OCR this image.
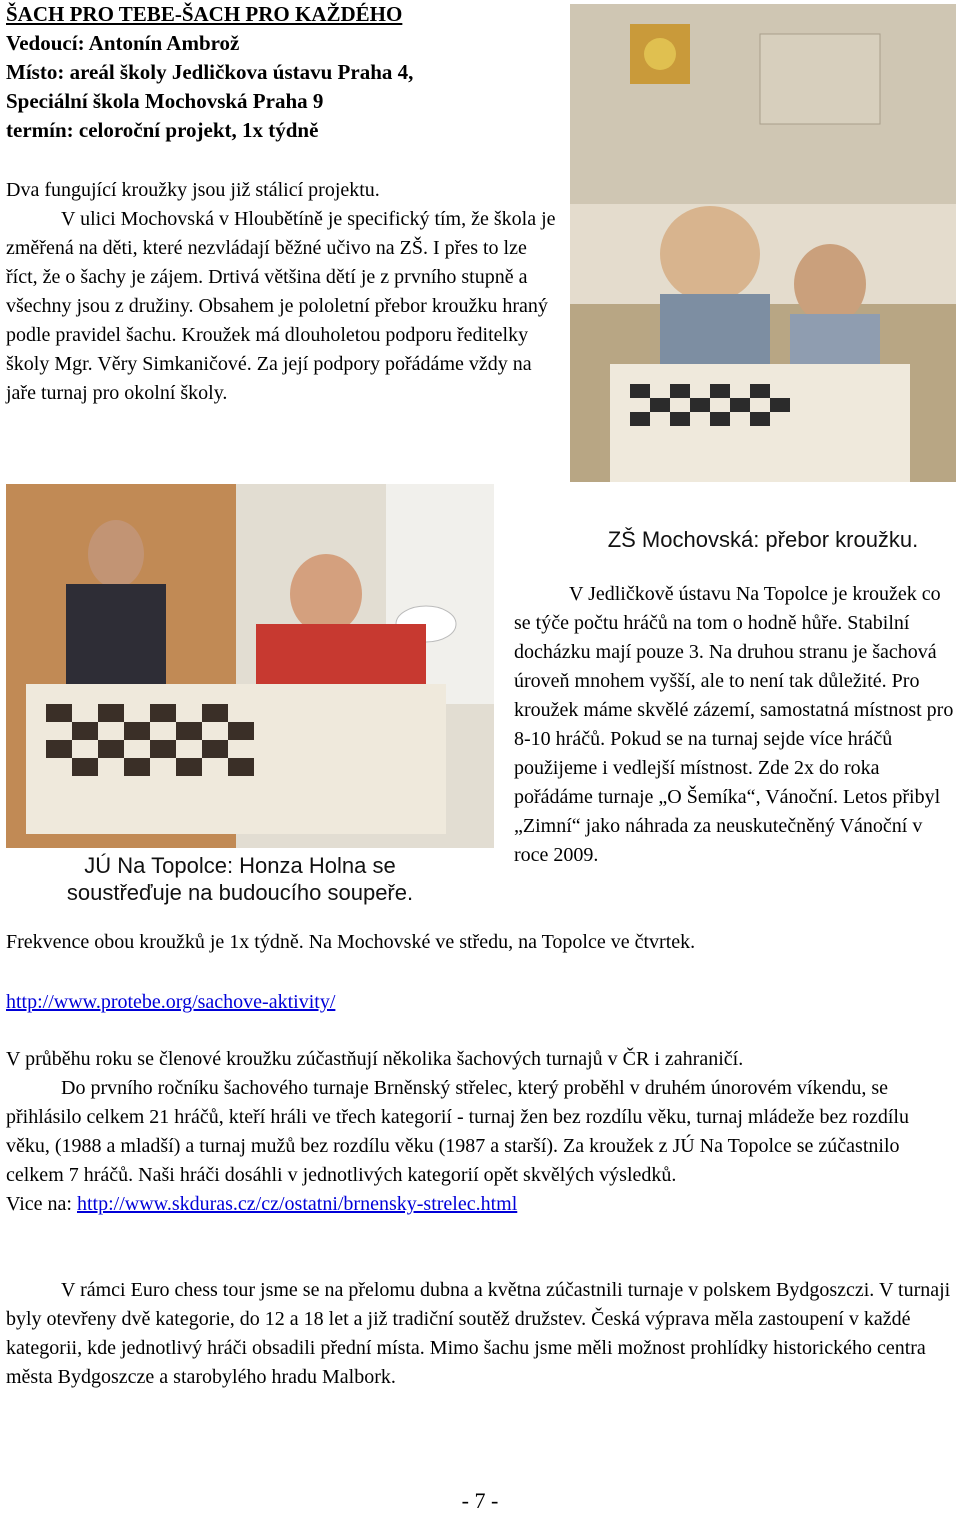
ŠACH PRO TEBE-ŠACH PRO KAŽDÉHO
Vedoucí: Antonín Ambrož
Místo: areál školy Jedličkova ústavu Praha 4,
Speciální škola Mochovská Praha 9
termín: celoroční projekt, 1x týdně

Dva fungující kroužky jsou již stálicí projektu.

V ulici Mochovská v Hloubětíně je specifický tím, že škola je změřená na děti, které nezvládají běžné učivo na ZŠ. I přes to lze říct, že o šachy je zájem. Drtivá většina dětí je z prvního stupně a všechny jsou z družiny. Obsahem je pololetní přebor kroužku hraný podle pravidel šachu. Kroužek má dlouholetou podporu ředitelky školy Mgr. Věry Simkaničové. Za její podpory pořádáme vždy na jaře turnaj pro okolní školy.

ZŠ Mochovská: přebor kroužku.
JÚ Na Topolce: Honza Holna se soustřeďuje na budoucího soupeře.

V Jedličkově ústavu Na Topolce je kroužek co se týče počtu hráčů na tom o hodně hůře. Stabilní docházku mají pouze 3. Na druhou stranu je šachová úroveň mnohem vyšší, ale to není tak důležité. Pro kroužek máme skvělé zázemí, samostatná místnost pro 8-10 hráčů. Pokud se na turnaj sejde více hráčů použijeme i vedlejší místnost. Zde 2x do roka pořádáme turnaje „O Šemíka“, Vánoční. Letos přibyl „Zimní“ jako náhrada za neuskutečněný Vánoční v roce 2009.

Frekvence obou kroužků je 1x týdně. Na Mochovské ve středu, na Topolce ve čtvrtek.
http://www.protebe.org/sachove-aktivity/
V průběhu roku se členové kroužku zúčastňují několika šachových turnajů v ČR i zahraničí.
Do prvního ročníku šachového turnaje Brněnský střelec, který proběhl v druhém únorovém víkendu, se přihlásilo celkem 21 hráčů, kteří hráli ve třech kategorií - turnaj žen bez rozdílu věku, turnaj mládeže bez rozdílu věku, (1988 a mladší) a turnaj mužů bez rozdílu věku (1987 a starší). Za kroužek z JÚ Na Topolce se zúčastnilo celkem 7 hráčů. Naši hráči dosáhli v jednotlivých kategorií opět skvělých výsledků.
Vice na: http://www.skduras.cz/cz/ostatni/brnensky-strelec.html
V rámci Euro chess tour jsme se na přelomu dubna a května zúčastnili turnaje v polskem Bydgoszczi. V turnaji byly otevřeny dvě kategorie, do 12 a 18 let a již tradiční soutěž družstev. Česká výprava měla zastoupení v každé kategorii, kde jednotlivý hráči obsadili přední místa. Mimo šachu jsme měli možnost prohlídky historického centra města Bydgoszcze a starobylého hradu Malbork.
- 7 -
